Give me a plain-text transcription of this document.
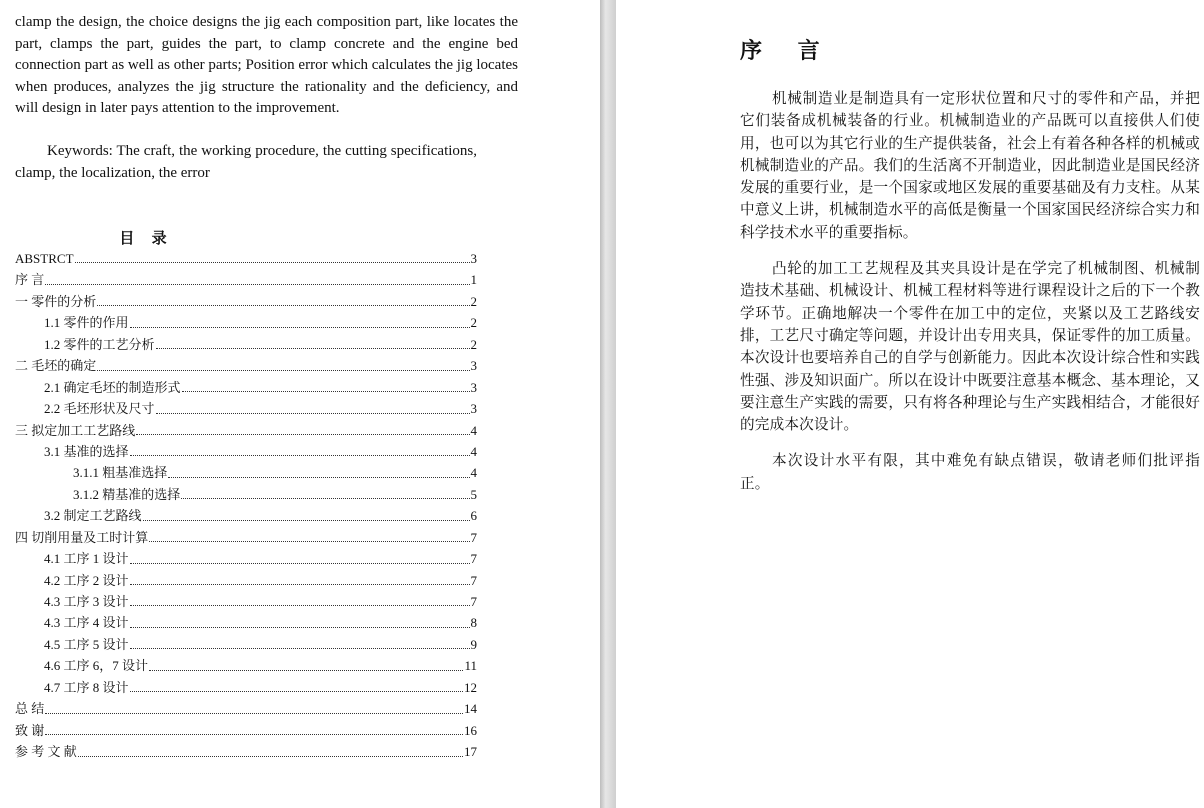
clamp the design, the choice designs the jig each composition part, like locates the part, clamps the part, guides the part, to clamp concrete and the engine bed connection part as well as other parts; Position error which calculates the jig locates when produces, analyzes the jig structure the rationality and the deficiency, and will design in later pays attention to the improvement.

Keywords: The craft, the working procedure, the cutting specifications, clamp, the localization, the error

目 录
ABSTRCT	3
序 言	1
一 零件的分析	2
1.1 零件的作用	2
1.2 零件的工艺分析	2
二 毛坯的确定	3
2.1 确定毛坯的制造形式	3
2.2 毛坯形状及尺寸	3
三 拟定加工工艺路线	4
3.1 基准的选择	4
3.1.1 粗基准选择	4
3.1.2 精基准的选择	5
3.2 制定工艺路线	6
四 切削用量及工时计算	7
4.1 工序 1 设计	7
4.2 工序 2 设计	7
4.3 工序 3 设计	7
4.3 工序 4 设计	8
4.5 工序 5 设计	9
4.6 工序 6，7 设计	11
4.7 工序 8 设计	12
总 结	14
致 谢	16
参 考 文 献	17
序 言

机械制造业是制造具有一定形状位置和尺寸的零件和产品，并把它们装备成机械装备的行业。机械制造业的产品既可以直接供人们使用，也可以为其它行业的生产提供装备，社会上有着各种各样的机械或机械制造业的产品。我们的生活离不开制造业，因此制造业是国民经济发展的重要行业，是一个国家或地区发展的重要基础及有力支柱。从某中意义上讲，机械制造水平的高低是衡量一个国家国民经济综合实力和科学技术水平的重要指标。

凸轮的加工工艺规程及其夹具设计是在学完了机械制图、机械制造技术基础、机械设计、机械工程材料等进行课程设计之后的下一个教学环节。正确地解决一个零件在加工中的定位，夹紧以及工艺路线安排，工艺尺寸确定等问题，并设计出专用夹具，保证零件的加工质量。本次设计也要培养自己的自学与创新能力。因此本次设计综合性和实践性强、涉及知识面广。所以在设计中既要注意基本概念、基本理论，又要注意生产实践的需要，只有将各种理论与生产实践相结合，才能很好的完成本次设计。

本次设计水平有限，其中难免有缺点错误，敬请老师们批评指正。
